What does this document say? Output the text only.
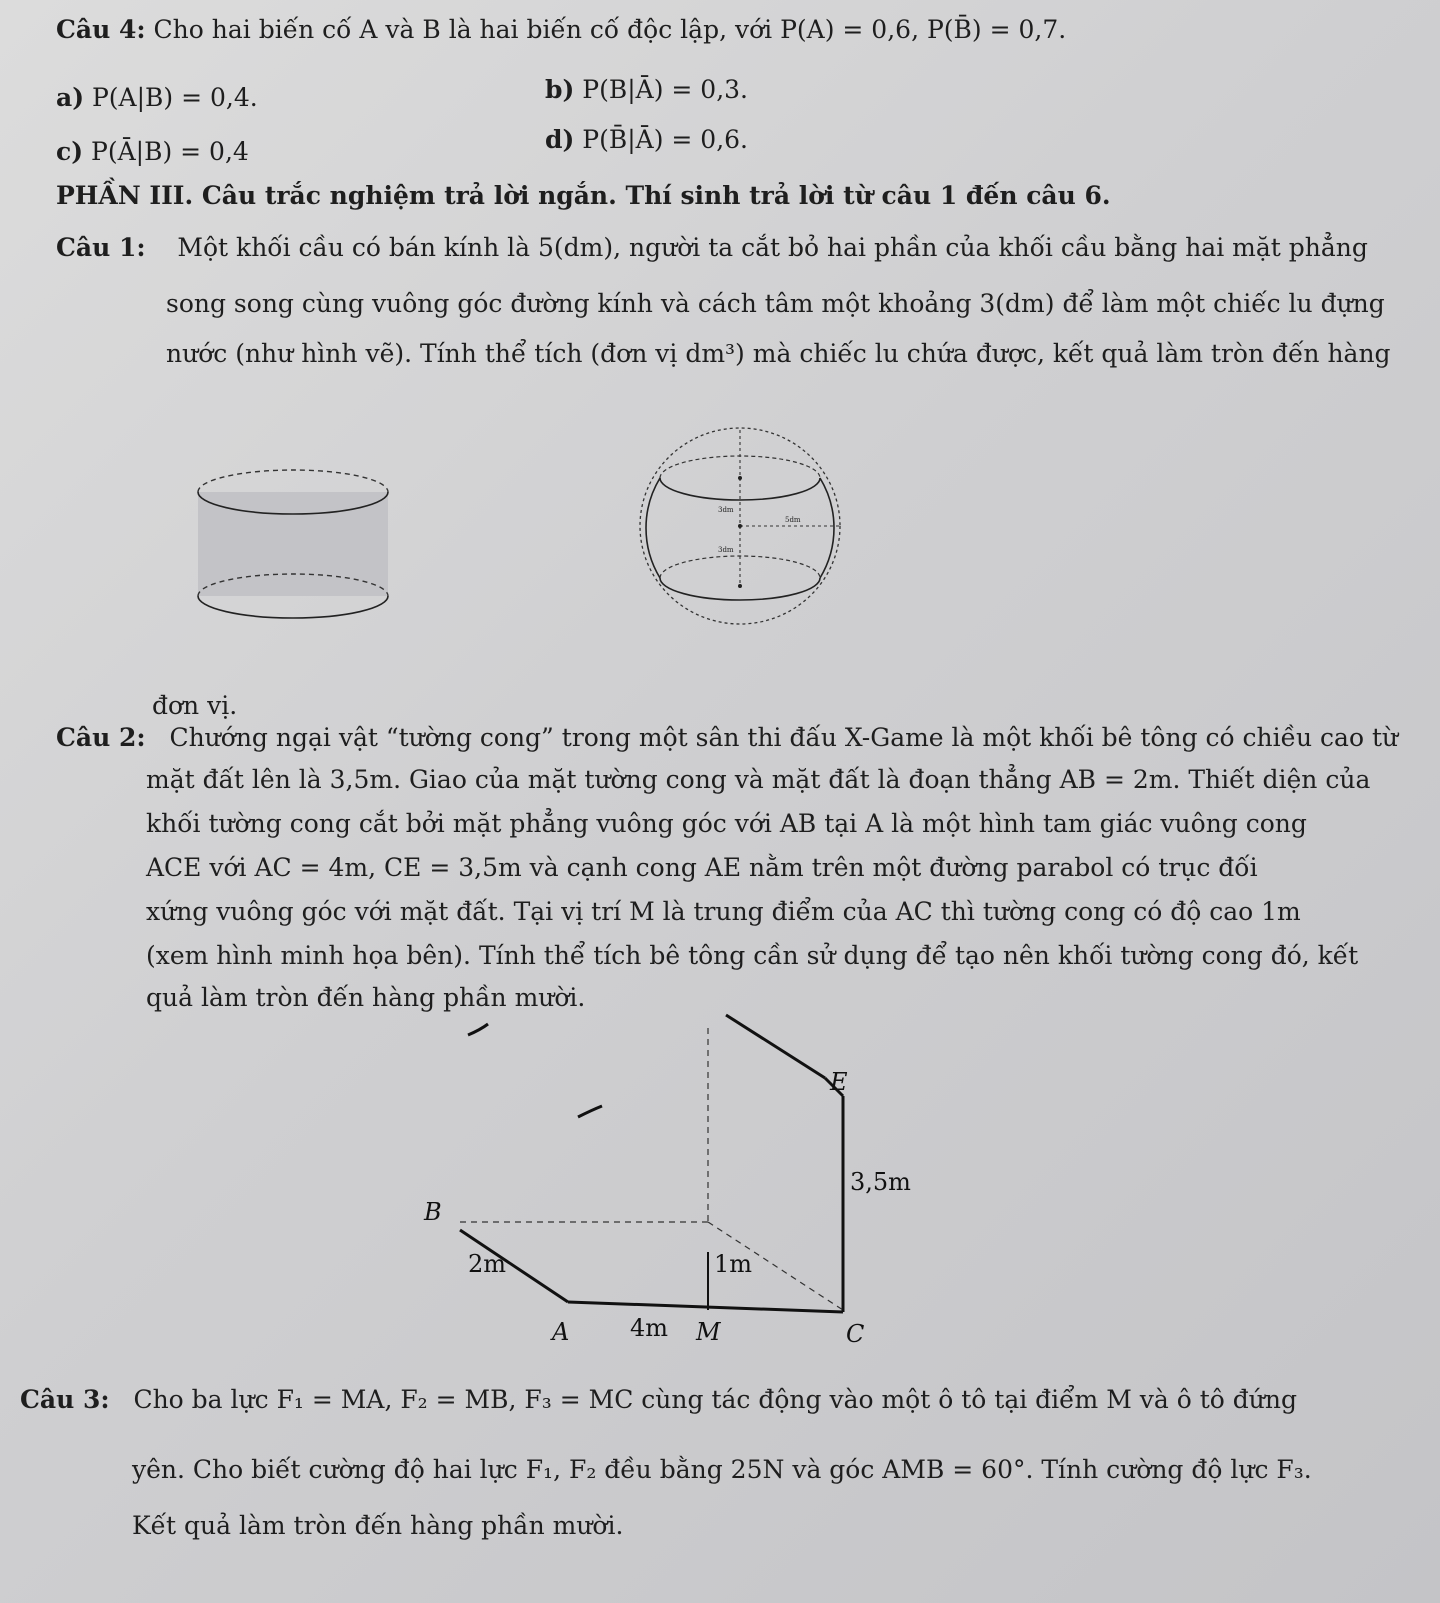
Câu 4: Cho hai biến cố A và B là hai biến cố độc lập, với P(A) = 0,6, P(B̄) = 0,7.
a) P(A|B) = 0,4.	b) P(B|Ā) = 0,3.
c) P(Ā|B) = 0,4	d) P(B̄|Ā) = 0,6.
PHẦN III. Câu trắc nghiệm trả lời ngắn. Thí sinh trả lời từ câu 1 đến câu 6.
Câu 1: Một khối cầu có bán kính là 5(dm), người ta cắt bỏ hai phần của khối cầu bằng hai mặt phẳng
song song cùng vuông góc đường kính và cách tâm một khoảng 3(dm) để làm một chiếc lu đựng
nước (như hình vẽ). Tính thể tích (đơn vị dm³) mà chiếc lu chứa được, kết quả làm tròn đến hàng
3dm
5dm
3dm
đơn vị.
Câu 2: Chướng ngại vật “tường cong” trong một sân thi đấu X-Game là một khối bê tông có chiều cao từ
mặt đất lên là 3,5m. Giao của mặt tường cong và mặt đất là đoạn thẳng AB = 2m. Thiết diện của
khối tường cong cắt bởi mặt phẳng vuông góc với AB tại A là một hình tam giác vuông cong
ACE với AC = 4m, CE = 3,5m và cạnh cong AE nằm trên một đường parabol có trục đối
xứng vuông góc với mặt đất. Tại vị trí M là trung điểm của AC thì tường cong có độ cao 1m
(xem hình minh họa bên). Tính thể tích bê tông cần sử dụng để tạo nên khối tường cong đó, kết
quả làm tròn đến hàng phần mười.
E
3,5m
B
2m	1m
A	4m M	C
Câu 3: Cho ba lực F₁ = MA, F₂ = MB, F₃ = MC cùng tác động vào một ô tô tại điểm M và ô tô đứng
yên. Cho biết cường độ hai lực F₁, F₂ đều bằng 25N và góc AMB = 60°. Tính cường độ lực F₃.
Kết quả làm tròn đến hàng phần mười.
